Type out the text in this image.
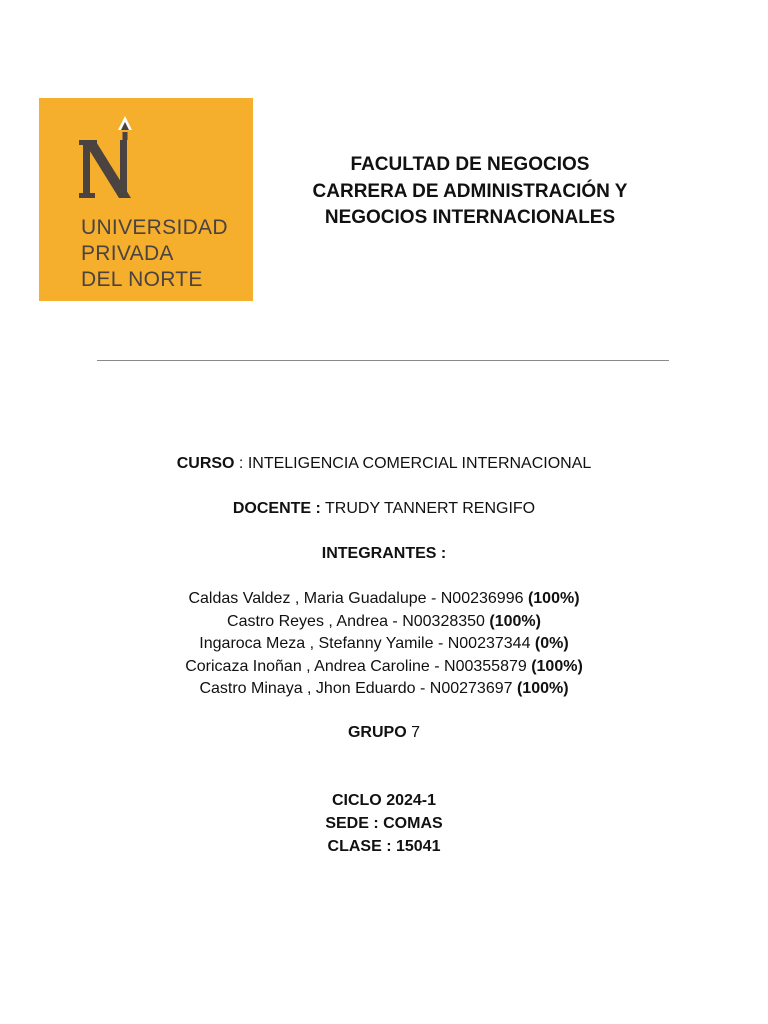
UNIVERSIDAD
PRIVADA
DEL NORTE
FACULTAD DE NEGOCIOS
CARRERA DE ADMINISTRACIÓN Y
NEGOCIOS INTERNACIONALES
CURSO : INTELIGENCIA COMERCIAL INTERNACIONAL
DOCENTE : TRUDY TANNERT RENGIFO
INTEGRANTES :
Caldas Valdez , Maria Guadalupe - N00236996 (100%)
Castro Reyes , Andrea - N00328350 (100%)
Ingaroca Meza , Stefanny Yamile - N00237344 (0%)
Coricaza Inoñan , Andrea Caroline - N00355879 (100%)
Castro Minaya , Jhon Eduardo - N00273697 (100%)
GRUPO 7
CICLO 2024-1
SEDE : COMAS
CLASE : 15041
